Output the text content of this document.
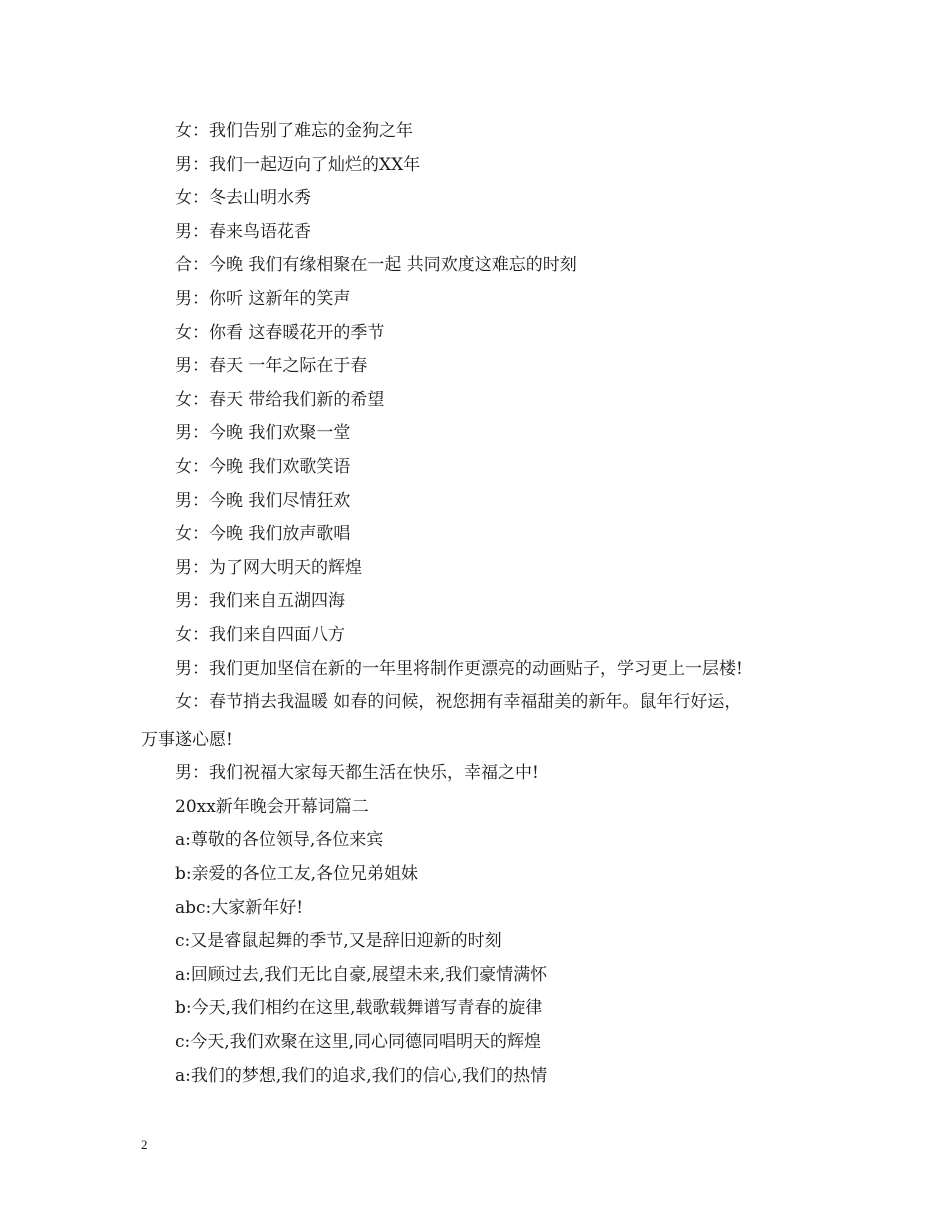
女：我们告别了难忘的金狗之年
男：我们一起迈向了灿烂的XX年
女：冬去山明水秀
男：春来鸟语花香
合：今晚 我们有缘相聚在一起 共同欢度这难忘的时刻
男：你听 这新年的笑声
女：你看 这春暖花开的季节
男：春天 一年之际在于春
女：春天 带给我们新的希望
男：今晚 我们欢聚一堂
女：今晚 我们欢歌笑语
男：今晚 我们尽情狂欢
女：今晚 我们放声歌唱
男：为了网大明天的辉煌
男：我们来自五湖四海
女：我们来自四面八方
男：我们更加坚信在新的一年里将制作更漂亮的动画贴子，学习更上一层楼!
女：春节捎去我温暖 如春的问候，祝您拥有幸福甜美的新年。鼠年行好运，
万事遂心愿!
男：我们祝福大家每天都生活在快乐，幸福之中!
20xx新年晚会开幕词篇二
a:尊敬的各位领导,各位来宾
b:亲爱的各位工友,各位兄弟姐妹
abc:大家新年好!
c:又是睿鼠起舞的季节,又是辞旧迎新的时刻
a:回顾过去,我们无比自豪,展望未来,我们豪情满怀
b:今天,我们相约在这里,载歌载舞谱写青春的旋律
c:今天,我们欢聚在这里,同心同德同唱明天的辉煌
a:我们的梦想,我们的追求,我们的信心,我们的热情
2
